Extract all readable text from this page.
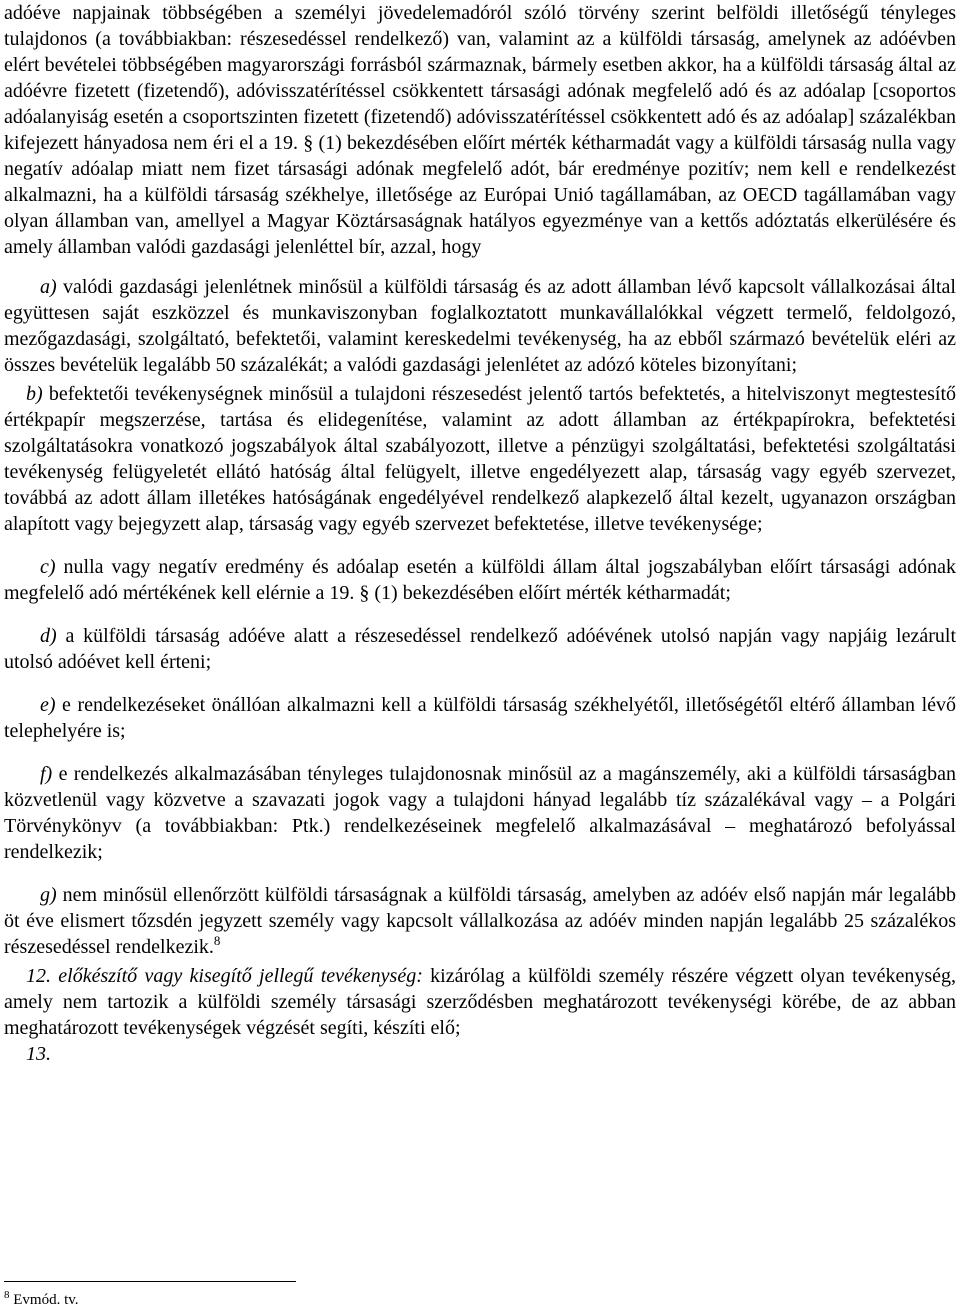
adóéve napjainak többségében a személyi jövedelemadóról szóló törvény szerint belföldi illetőségű tényleges tulajdonos (a továbbiakban: részesedéssel rendelkező) van, valamint az a külföldi társaság, amelynek az adóévben elért bevételei többségében magyarországi forrásból származnak, bármely esetben akkor, ha a külföldi társaság által az adóévre fizetett (fizetendő), adóvisszatérítéssel csökkentett társasági adónak megfelelő adó és az adóalap [csoportos adóalanyiság esetén a csoportszinten fizetett (fizetendő) adóvisszatérítéssel csökkentett adó és az adóalap] százalékban kifejezett hányadosa nem éri el a 19. § (1) bekezdésében előírt mérték kétharmadát vagy a külföldi társaság nulla vagy negatív adóalap miatt nem fizet társasági adónak megfelelő adót, bár eredménye pozitív; nem kell e rendelkezést alkalmazni, ha a külföldi társaság székhelye, illetősége az Európai Unió tagállamában, az OECD tagállamában vagy olyan államban van, amellyel a Magyar Köztársaságnak hatályos egyezménye van a kettős adóztatás elkerülésére és amely államban valódi gazdasági jelenléttel bír, azzal, hogy

a) valódi gazdasági jelenlétnek minősül a külföldi társaság és az adott államban lévő kapcsolt vállalkozásai által együttesen saját eszközzel és munkaviszonyban foglalkoztatott munkavállalókkal végzett termelő, feldolgozó, mezőgazdasági, szolgáltató, befektetői, valamint kereskedelmi tevékenység, ha az ebből származó bevételük eléri az összes bevételük legalább 50 százalékát; a valódi gazdasági jelenlétet az adózó köteles bizonyítani;

b) befektetői tevékenységnek minősül a tulajdoni részesedést jelentő tartós befektetés, a hitelviszonyt megtestesítő értékpapír megszerzése, tartása és elidegenítése, valamint az adott államban az értékpapírokra, befektetési szolgáltatásokra vonatkozó jogszabályok által szabályozott, illetve a pénzügyi szolgáltatási, befektetési szolgáltatási tevékenység felügyeletét ellátó hatóság által felügyelt, illetve engedélyezett alap, társaság vagy egyéb szervezet, továbbá az adott állam illetékes hatóságának engedélyével rendelkező alapkezelő által kezelt, ugyanazon országban alapított vagy bejegyzett alap, társaság vagy egyéb szervezet befektetése, illetve tevékenysége;

c) nulla vagy negatív eredmény és adóalap esetén a külföldi állam által jogszabályban előírt társasági adónak megfelelő adó mértékének kell elérnie a 19. § (1) bekezdésében előírt mérték kétharmadát;

d) a külföldi társaság adóéve alatt a részesedéssel rendelkező adóévének utolsó napján vagy napjáig lezárult utolsó adóévet kell érteni;

e) e rendelkezéseket önállóan alkalmazni kell a külföldi társaság székhelyétől, illetőségétől eltérő államban lévő telephelyére is;

f) e rendelkezés alkalmazásában tényleges tulajdonosnak minősül az a magánszemély, aki a külföldi társaságban közvetlenül vagy közvetve a szavazati jogok vagy a tulajdoni hányad legalább tíz százalékával vagy – a Polgári Törvénykönyv (a továbbiakban: Ptk.) rendelkezéseinek megfelelő alkalmazásával – meghatározó befolyással rendelkezik;

g) nem minősül ellenőrzött külföldi társaságnak a külföldi társaság, amelyben az adóév első napján már legalább öt éve elismert tőzsdén jegyzett személy vagy kapcsolt vállalkozása az adóév minden napján legalább 25 százalékos részesedéssel rendelkezik.$^8$

12. előkészítő vagy kisegítő jellegű tevékenység: kizárólag a külföldi személy részére végzett olyan tevékenység, amely nem tartozik a külföldi személy társasági szerződésben meghatározott tevékenységi körébe, de az abban meghatározott tevékenységek végzését segíti, készíti elő;

13.

$^8$ Evmód. tv.
